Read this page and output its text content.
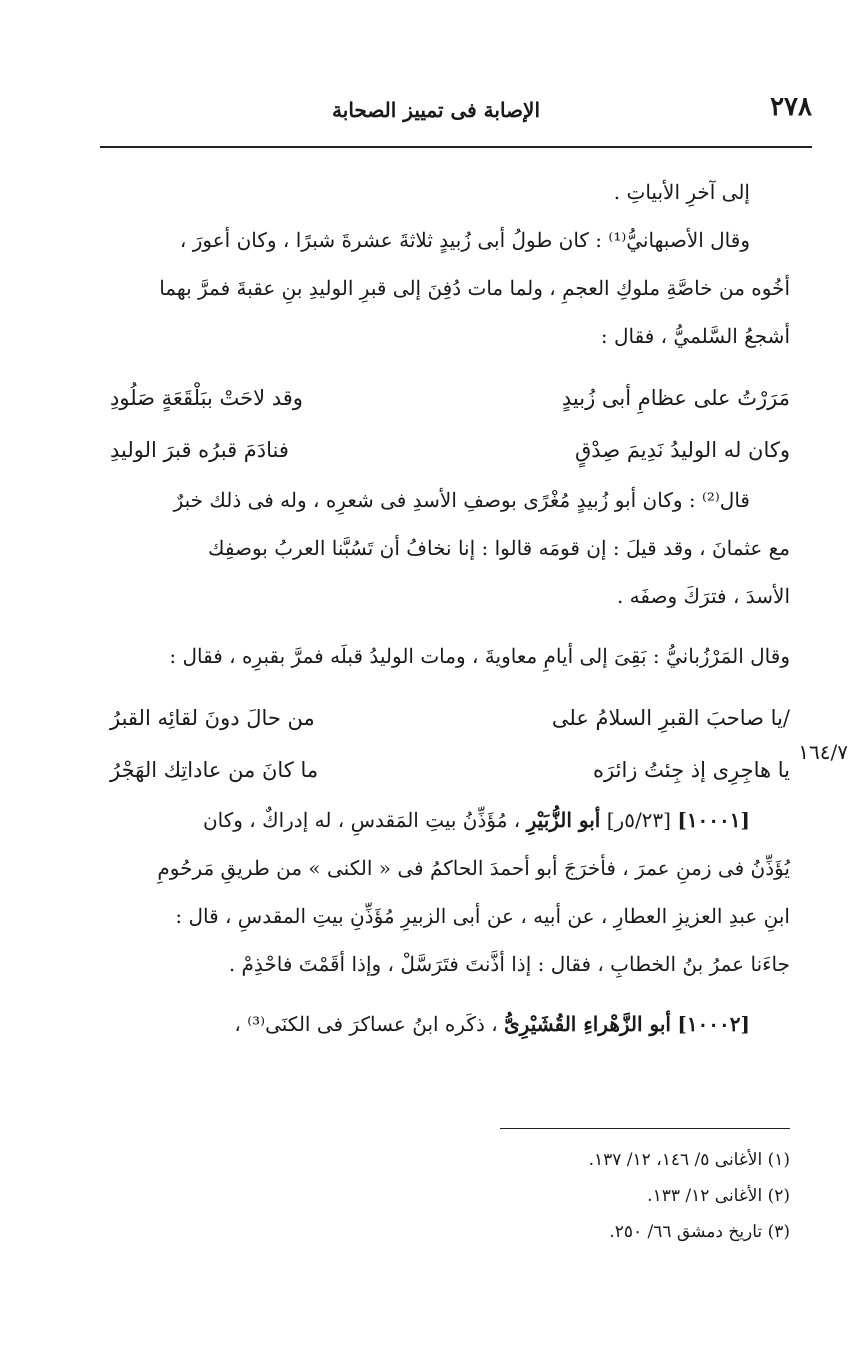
٢٧٨
الإصابة فى تمييز الصحابة
١٦٤/٧
إلى آخرِ الأبياتِ .
وقال الأصبهانيُّ⁽¹⁾ : كان طولُ أبى زُبيدٍ ثلاثةَ عشرةَ شبرًا ، وكان أعورَ ،
أخُوه من خاصَّةِ ملوكِ العجمِ ، ولما مات دُفِنَ إلى قبرِ الوليدِ بنِ عقبةَ فمرَّ بهما
أشجعُ السَّلميُّ ، فقال :
مَرَرْتُ على عظامِ أبى زُبيدٍ
وقد لاحَتْ ببَلْقَعَةٍ صَلُودِ
وكان له الوليدُ نَدِيمَ صِدْقٍ
فنادَمَ قبرُه قبرَ الوليدِ
قال⁽²⁾ : وكان أبو زُبيدٍ مُغْرًى بوصفِ الأسدِ فى شعرِه ، وله فى ذلك خبرٌ
مع عثمانَ ، وقد قيلَ : إن قومَه قالوا : إنا نخافُ أن تَسُبَّنا العربُ بوصفِك
الأسدَ ، فترَكَ وصفَه .
وقال المَرْزُبانيُّ : بَقِىَ إلى أيامِ معاويةَ ، ومات الوليدُ قبلَه فمرَّ بقبرِه ، فقال :
/يا صاحبَ القبرِ السلامُ على
من حالَ دونَ لقائِه القبرُ
يا هاجِرِى إذ جِئتُ زائرَه
ما كانَ من عاداتِك الهَجْرُ
[١٠٠٠١] [٥/٢٣ر] أبو الزُّبَيْرِ ، مُؤَذِّنُ بيتِ المَقدسِ ، له إدراكٌ ، وكان
يُؤَذِّنُ فى زمنِ عمرَ ، فأخرَجَ أبو أحمدَ الحاكمُ فى « الكنى » من طريقِ مَرحُومِ
ابنِ عبدِ العزيزِ العطارِ ، عن أبيه ، عن أبى الزبيرِ مُؤَذِّنِ بيتِ المقدسِ ، قال :
جاءَنا عمرُ بنُ الخطابِ ، فقال : إذا أذَّنتَ فتَرَسَّلْ ، وإذا أقَمْتَ فاحْذِمْ .
[١٠٠٠٢] أبو الزَّهْراءِ القُشَيْرِىُّ ، ذكَره ابنُ عساكرَ فى الكنَى⁽³⁾ ،
(١) الأغانى ٥/ ١٤٦، ١٢/ ١٣٧.
(٢) الأغانى ١٢/ ١٣٣.
(٣) تاريخ دمشق ٦٦/ ٢٥٠.
